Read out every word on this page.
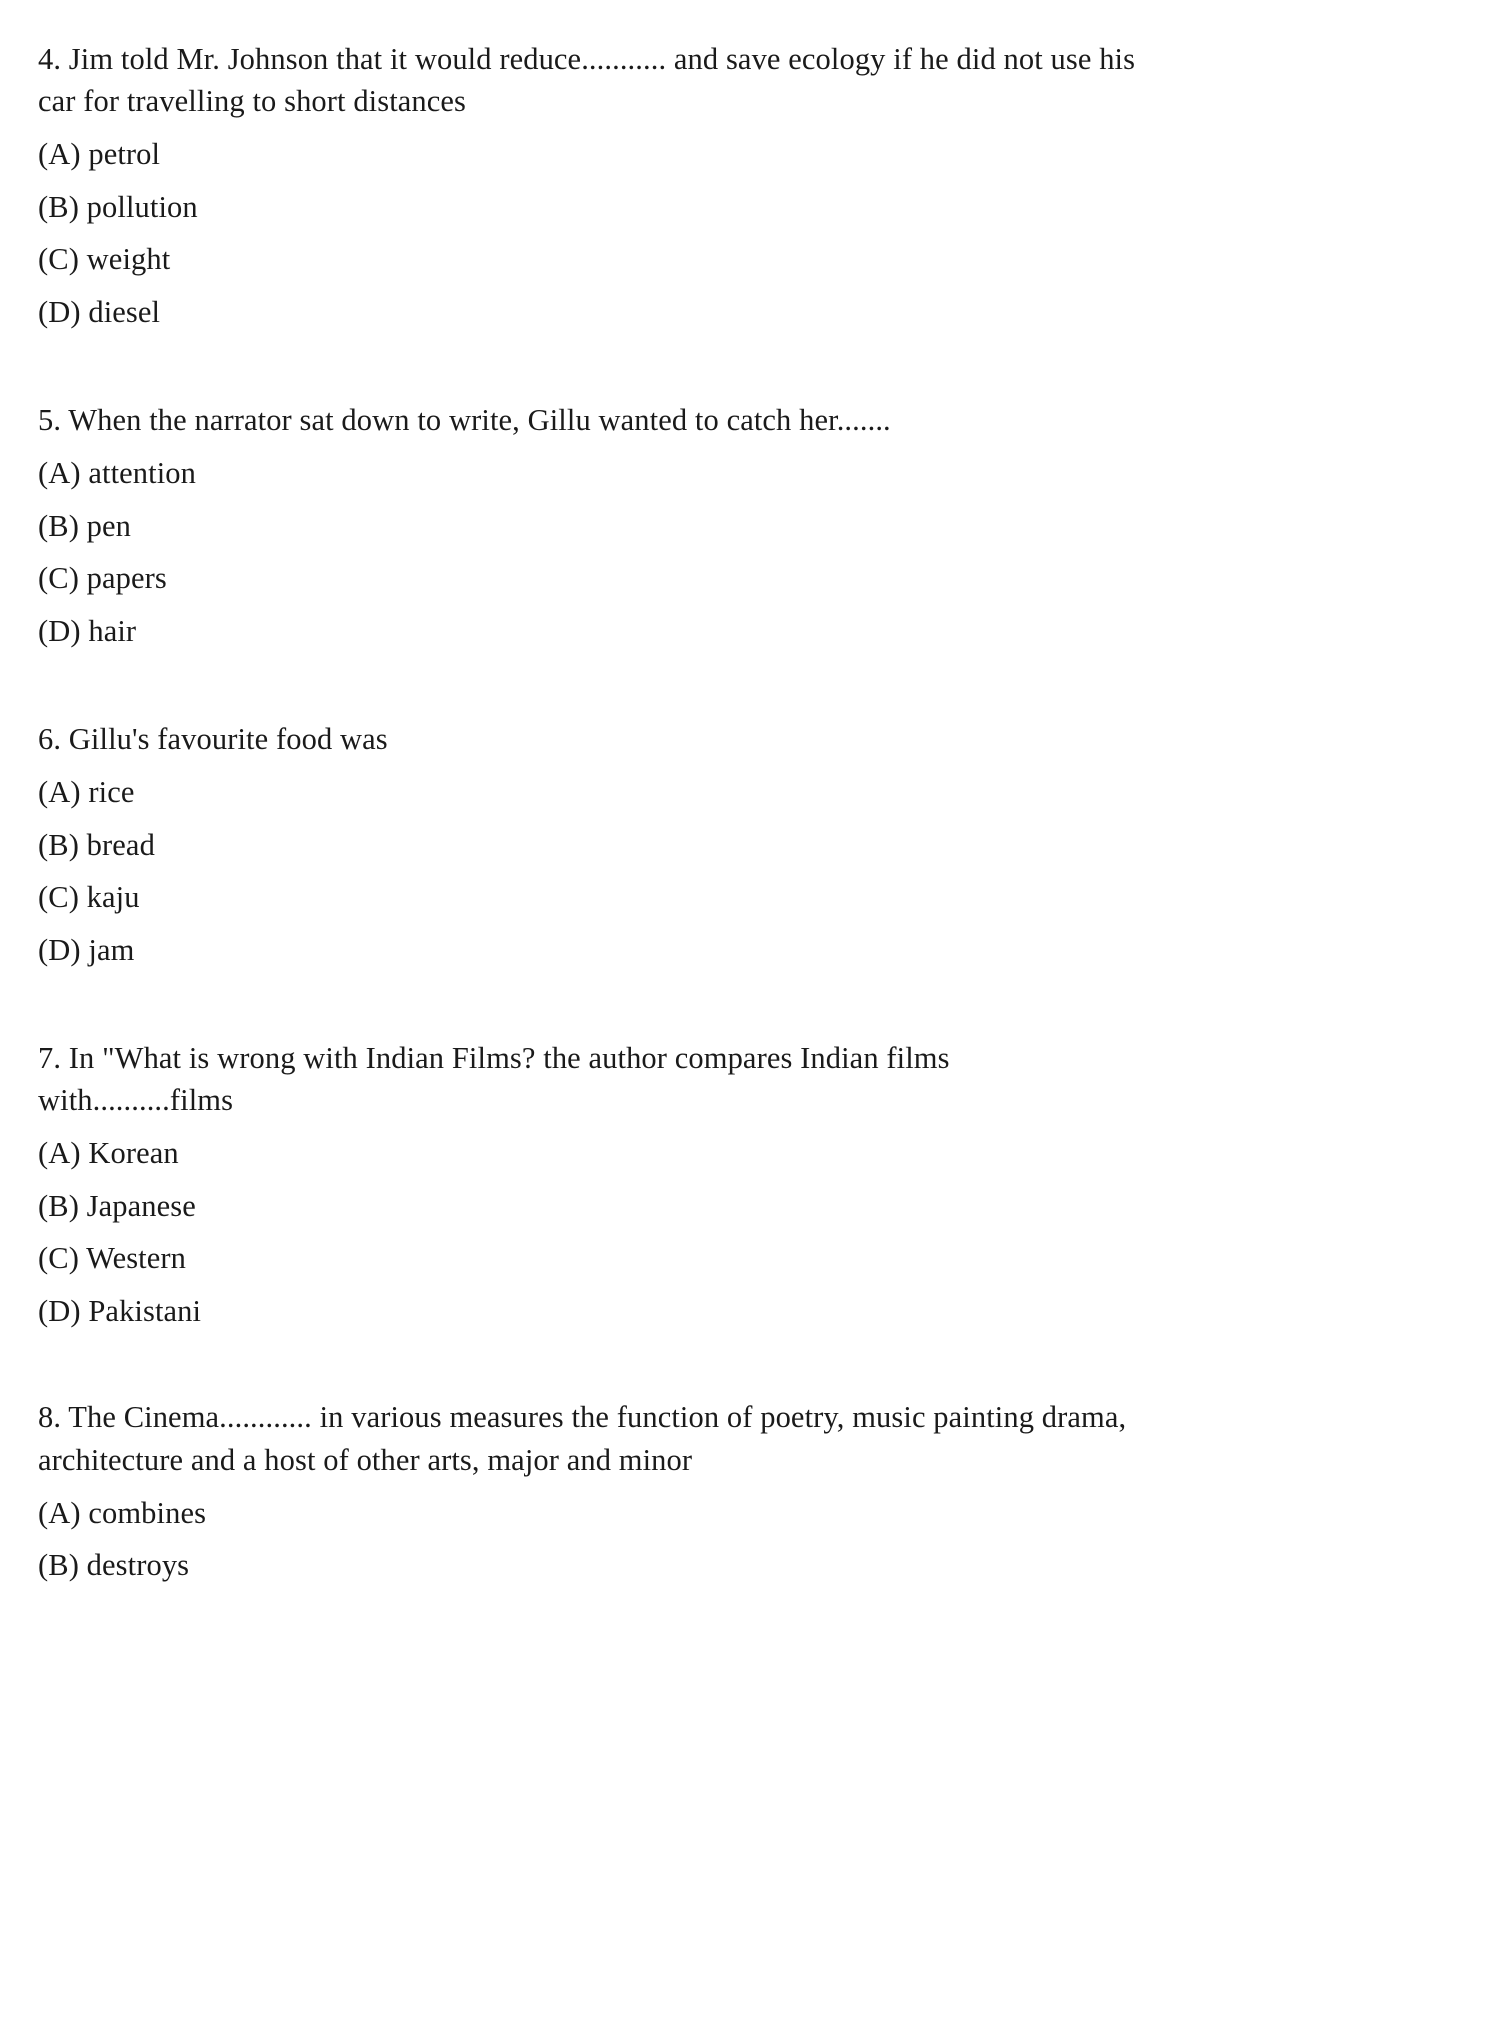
4. Jim told Mr. Johnson that it would reduce........... and save ecology if he did not use his car for travelling to short distances

(A) petrol

(B) pollution

(C) weight

(D) diesel

5. When the narrator sat down to write, Gillu wanted to catch her.......

(A) attention

(B) pen

(C) papers

(D) hair

6. Gillu's favourite food was

(A) rice

(B) bread

(C) kaju

(D) jam

7. In "What is wrong with Indian Films? the author compares Indian films with..........films

(A) Korean

(B) Japanese

(C) Western

(D) Pakistani

8. The Cinema............ in various measures the function of poetry, music painting drama, architecture and a host of other arts, major and minor

(A) combines

(B) destroys
